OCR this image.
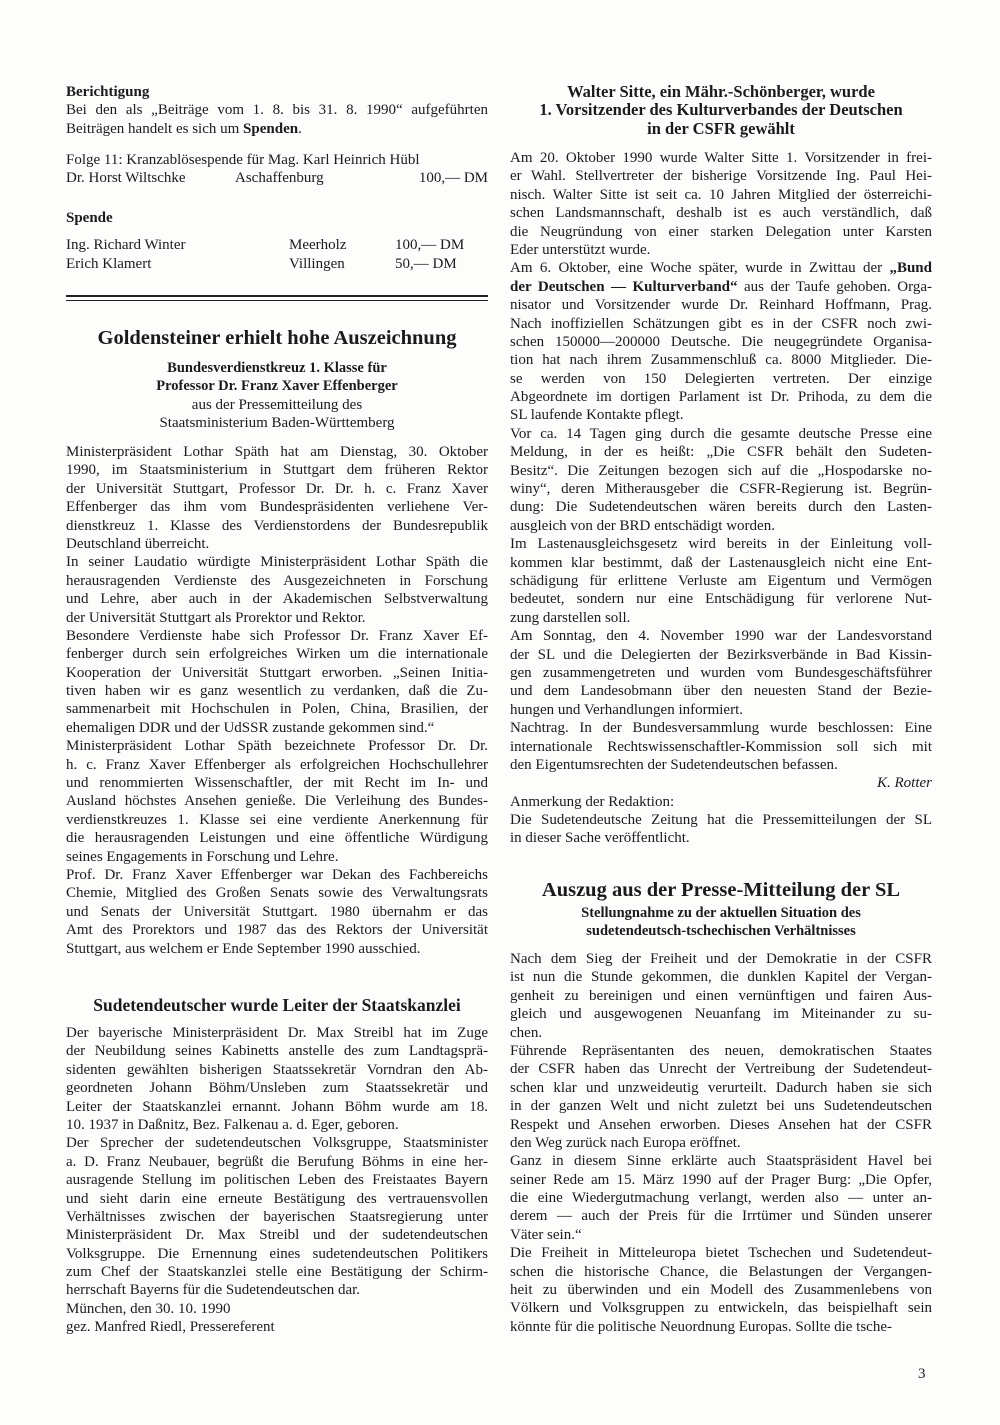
Berichtigung
Bei den als „Beiträge vom 1. 8. bis 31. 8. 1990“ aufgeführten
Beiträgen handelt es sich um Spenden.
Folge 11: Kranzablösespende für Mag. Karl Heinrich Hübl
Dr. Horst Wiltschke	Aschaffenburg	100,— DM
Spende
Ing. Richard Winter	Meerholz	100,— DM
Erich Klamert	Villingen	50,— DM
Goldensteiner erhielt hohe Auszeichnung
Bundesverdienstkreuz 1. Klasse für
Professor Dr. Franz Xaver Effenberger
aus der Pressemitteilung des
Staatsministerium Baden-Württemberg
Ministerpräsident Lothar Späth hat am Dienstag, 30. Oktober
1990, im Staatsministerium in Stuttgart dem früheren Rektor
der Universität Stuttgart, Professor Dr. Dr. h. c. Franz Xaver
Effenberger das ihm vom Bundespräsidenten verliehene Ver-
dienstkreuz 1. Klasse des Verdienstordens der Bundesrepublik
Deutschland überreicht.
In seiner Laudatio würdigte Ministerpräsident Lothar Späth die
herausragenden Verdienste des Ausgezeichneten in Forschung
und Lehre, aber auch in der Akademischen Selbstverwaltung
der Universität Stuttgart als Prorektor und Rektor.
Besondere Verdienste habe sich Professor Dr. Franz Xaver Ef-
fenberger durch sein erfolgreiches Wirken um die internationale
Kooperation der Universität Stuttgart erworben. „Seinen Initia-
tiven haben wir es ganz wesentlich zu verdanken, daß die Zu-
sammenarbeit mit Hochschulen in Polen, China, Brasilien, der
ehemaligen DDR und der UdSSR zustande gekommen sind.“
Ministerpräsident Lothar Späth bezeichnete Professor Dr. Dr.
h. c. Franz Xaver Effenberger als erfolgreichen Hochschullehrer
und renommierten Wissenschaftler, der mit Recht im In- und
Ausland höchstes Ansehen genieße. Die Verleihung des Bundes-
verdienstkreuzes 1. Klasse sei eine verdiente Anerkennung für
die herausragenden Leistungen und eine öffentliche Würdigung
seines Engagements in Forschung und Lehre.
Prof. Dr. Franz Xaver Effenberger war Dekan des Fachbereichs
Chemie, Mitglied des Großen Senats sowie des Verwaltungsrats
und Senats der Universität Stuttgart. 1980 übernahm er das
Amt des Prorektors und 1987 das des Rektors der Universität
Stuttgart, aus welchem er Ende September 1990 ausschied.
Sudetendeutscher wurde Leiter der Staatskanzlei
Der bayerische Ministerpräsident Dr. Max Streibl hat im Zuge
der Neubildung seines Kabinetts anstelle des zum Landtagsprä-
sidenten gewählten bisherigen Staatssekretär Vorndran den Ab-
geordneten Johann Böhm/Unsleben zum Staatssekretär und
Leiter der Staatskanzlei ernannt. Johann Böhm wurde am 18.
10. 1937 in Daßnitz, Bez. Falkenau a. d. Eger, geboren.
Der Sprecher der sudetendeutschen Volksgruppe, Staatsminister
a. D. Franz Neubauer, begrüßt die Berufung Böhms in eine her-
ausragende Stellung im politischen Leben des Freistaates Bayern
und sieht darin eine erneute Bestätigung des vertrauensvollen
Verhältnisses zwischen der bayerischen Staatsregierung unter
Ministerpräsident Dr. Max Streibl und der sudetendeutschen
Volksgruppe. Die Ernennung eines sudetendeutschen Politikers
zum Chef der Staatskanzlei stelle eine Bestätigung der Schirm-
herrschaft Bayerns für die Sudetendeutschen dar.
München, den 30. 10. 1990
gez. Manfred Riedl, Pressereferent
Walter Sitte, ein Mähr.-Schönberger, wurde
1. Vorsitzender des Kulturverbandes der Deutschen
in der CSFR gewählt
Am 20. Oktober 1990 wurde Walter Sitte 1. Vorsitzender in frei-
er Wahl. Stellvertreter der bisherige Vorsitzende Ing. Paul Hei-
nisch. Walter Sitte ist seit ca. 10 Jahren Mitglied der österreichi-
schen Landsmannschaft, deshalb ist es auch verständlich, daß
die Neugründung von einer starken Delegation unter Karsten
Eder unterstützt wurde.
Am 6. Oktober, eine Woche später, wurde in Zwittau der „Bund
der Deutschen — Kulturverband“ aus der Taufe gehoben. Orga-
nisator und Vorsitzender wurde Dr. Reinhard Hoffmann, Prag.
Nach inoffiziellen Schätzungen gibt es in der CSFR noch zwi-
schen 150000—200000 Deutsche. Die neugegründete Organisa-
tion hat nach ihrem Zusammenschluß ca. 8000 Mitglieder. Die-
se werden von 150 Delegierten vertreten. Der einzige
Abgeordnete im dortigen Parlament ist Dr. Prihoda, zu dem die
SL laufende Kontakte pflegt.
Vor ca. 14 Tagen ging durch die gesamte deutsche Presse eine
Meldung, in der es heißt: „Die CSFR behält den Sudeten-
Besitz“. Die Zeitungen bezogen sich auf die „Hospodarske no-
winy“, deren Mitherausgeber die CSFR-Regierung ist. Begrün-
dung: Die Sudetendeutschen wären bereits durch den Lasten-
ausgleich von der BRD entschädigt worden.
Im Lastenausgleichsgesetz wird bereits in der Einleitung voll-
kommen klar bestimmt, daß der Lastenausgleich nicht eine Ent-
schädigung für erlittene Verluste am Eigentum und Vermögen
bedeutet, sondern nur eine Entschädigung für verlorene Nut-
zung darstellen soll.
Am Sonntag, den 4. November 1990 war der Landesvorstand
der SL und die Delegierten der Bezirksverbände in Bad Kissin-
gen zusammengetreten und wurden vom Bundesgeschäftsführer
und dem Landesobmann über den neuesten Stand der Bezie-
hungen und Verhandlungen informiert.
Nachtrag. In der Bundesversammlung wurde beschlossen: Eine
internationale Rechtswissenschaftler-Kommission soll sich mit
den Eigentumsrechten der Sudetendeutschen befassen.
K. Rotter
Anmerkung der Redaktion:
Die Sudetendeutsche Zeitung hat die Pressemitteilungen der SL
in dieser Sache veröffentlicht.
Auszug aus der Presse-Mitteilung der SL
Stellungnahme zu der aktuellen Situation des
sudetendeutsch-tschechischen Verhältnisses
Nach dem Sieg der Freiheit und der Demokratie in der CSFR
ist nun die Stunde gekommen, die dunklen Kapitel der Vergan-
genheit zu bereinigen und einen vernünftigen und fairen Aus-
gleich und ausgewogenen Neuanfang im Miteinander zu su-
chen.
Führende Repräsentanten des neuen, demokratischen Staates
der CSFR haben das Unrecht der Vertreibung der Sudetendeut-
schen klar und unzweideutig verurteilt. Dadurch haben sie sich
in der ganzen Welt und nicht zuletzt bei uns Sudetendeutschen
Respekt und Ansehen erworben. Dieses Ansehen hat der CSFR
den Weg zurück nach Europa eröffnet.
Ganz in diesem Sinne erklärte auch Staatspräsident Havel bei
seiner Rede am 15. März 1990 auf der Prager Burg: „Die Opfer,
die eine Wiedergutmachung verlangt, werden also — unter an-
derem — auch der Preis für die Irrtümer und Sünden unserer
Väter sein.“
Die Freiheit in Mitteleuropa bietet Tschechen und Sudetendeut-
schen die historische Chance, die Belastungen der Vergangen-
heit zu überwinden und ein Modell des Zusammenlebens von
Völkern und Volksgruppen zu entwickeln, das beispielhaft sein
könnte für die politische Neuordnung Europas. Sollte die tsche-
3
